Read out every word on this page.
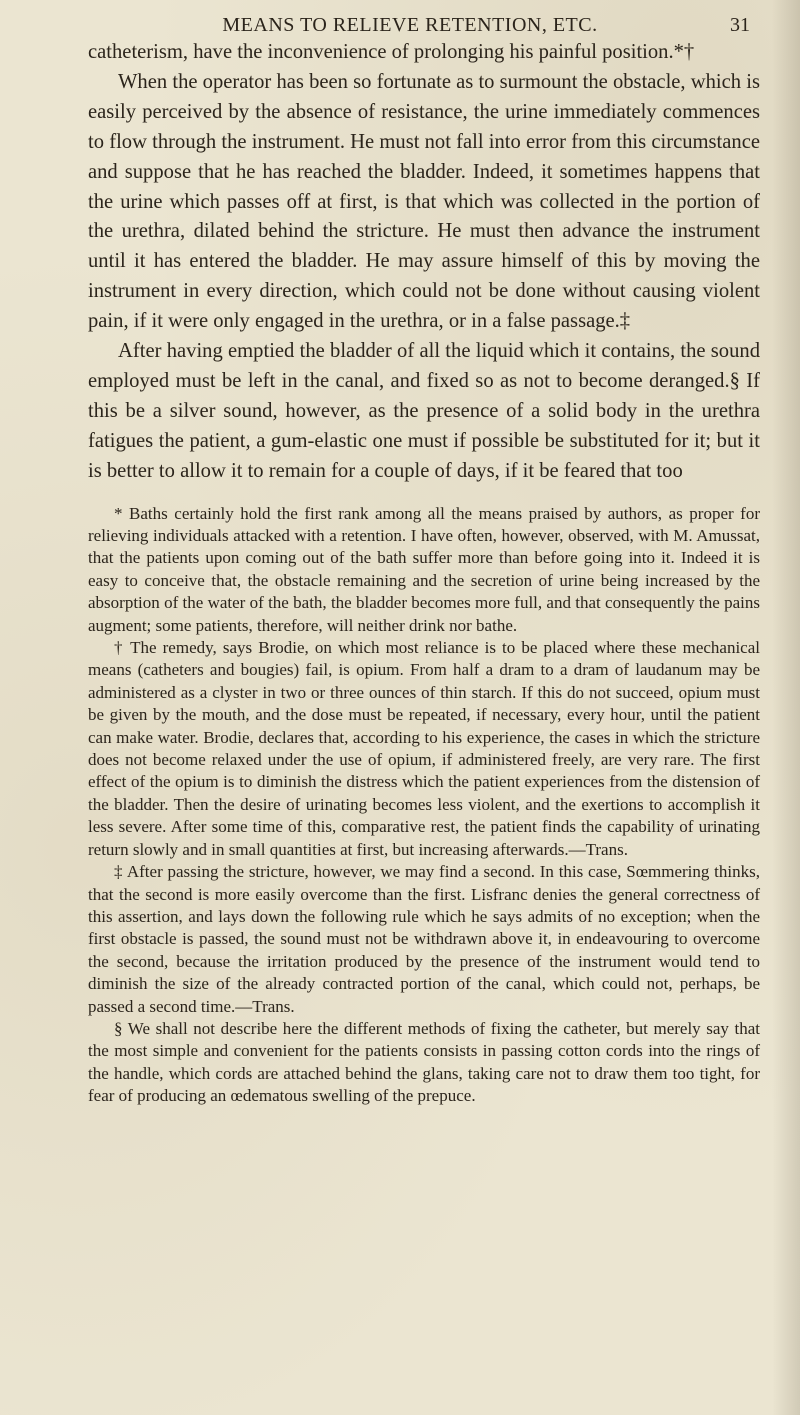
MEANS TO RELIEVE RETENTION, ETC.	31

catheterism, have the inconvenience of prolonging his painful position.*†

When the operator has been so fortunate as to surmount the obstacle, which is easily perceived by the absence of resistance, the urine immediately commences to flow through the instrument. He must not fall into error from this circumstance and suppose that he has reached the bladder. Indeed, it sometimes happens that the urine which passes off at first, is that which was collected in the portion of the urethra, dilated behind the stricture. He must then advance the instrument until it has entered the bladder. He may assure himself of this by moving the instrument in every direction, which could not be done without causing violent pain, if it were only engaged in the urethra, or in a false passage.‡

After having emptied the bladder of all the liquid which it contains, the sound employed must be left in the canal, and fixed so as not to become deranged.§ If this be a silver sound, however, as the presence of a solid body in the urethra fatigues the patient, a gum-elastic one must if possible be substituted for it; but it is better to allow it to remain for a couple of days, if it be feared that too

* Baths certainly hold the first rank among all the means praised by authors, as proper for relieving individuals attacked with a retention. I have often, however, observed, with M. Amussat, that the patients upon coming out of the bath suffer more than before going into it. Indeed it is easy to conceive that, the obstacle remaining and the secretion of urine being increased by the absorption of the water of the bath, the bladder becomes more full, and that consequently the pains augment; some patients, therefore, will neither drink nor bathe.

† The remedy, says Brodie, on which most reliance is to be placed where these mechanical means (catheters and bougies) fail, is opium. From half a dram to a dram of laudanum may be administered as a clyster in two or three ounces of thin starch. If this do not succeed, opium must be given by the mouth, and the dose must be repeated, if necessary, every hour, until the patient can make water. Brodie, declares that, according to his experience, the cases in which the stricture does not become relaxed under the use of opium, if administered freely, are very rare. The first effect of the opium is to diminish the distress which the patient experiences from the distension of the bladder. Then the desire of urinating becomes less violent, and the exertions to accomplish it less severe. After some time of this, comparative rest, the patient finds the capability of urinating return slowly and in small quantities at first, but increasing afterwards.—Trans.

‡ After passing the stricture, however, we may find a second. In this case, Sœmmering thinks, that the second is more easily overcome than the first. Lisfranc denies the general correctness of this assertion, and lays down the following rule which he says admits of no exception; when the first obstacle is passed, the sound must not be withdrawn above it, in endeavouring to overcome the second, because the irritation produced by the presence of the instrument would tend to diminish the size of the already contracted portion of the canal, which could not, perhaps, be passed a second time.—Trans.

§ We shall not describe here the different methods of fixing the catheter, but merely say that the most simple and convenient for the patients consists in passing cotton cords into the rings of the handle, which cords are attached behind the glans, taking care not to draw them too tight, for fear of producing an œdematous swelling of the prepuce.
